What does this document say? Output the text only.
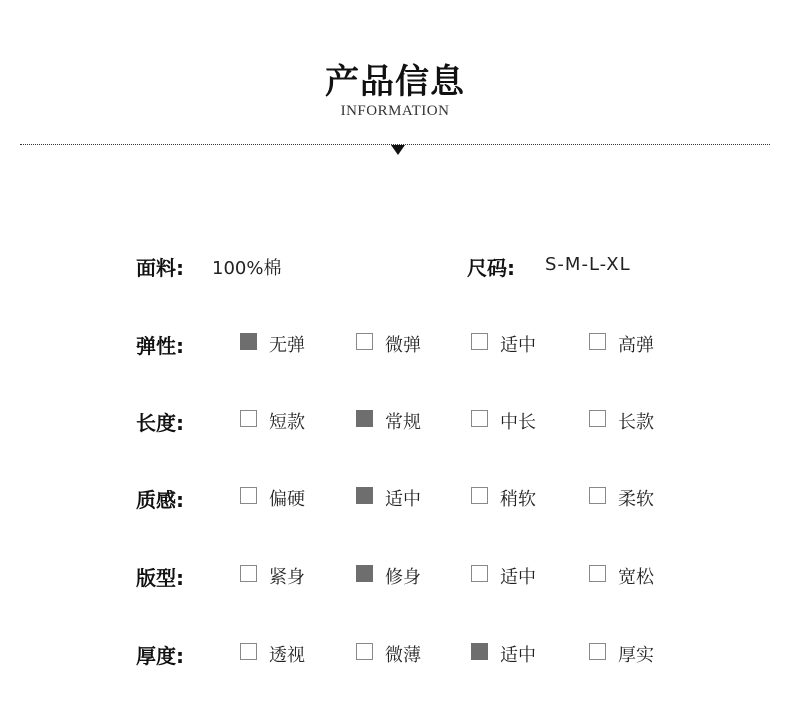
产品信息
INFORMATION
面料: 100%棉	尺码: S-M-L-XL
弹性:	无弹	微弹	适中	高弹
长度:	短款	常规	中长	长款
质感:	偏硬	适中	稍软	柔软
版型:	紧身	修身	适中	宽松
厚度:	透视	微薄	适中	厚实
